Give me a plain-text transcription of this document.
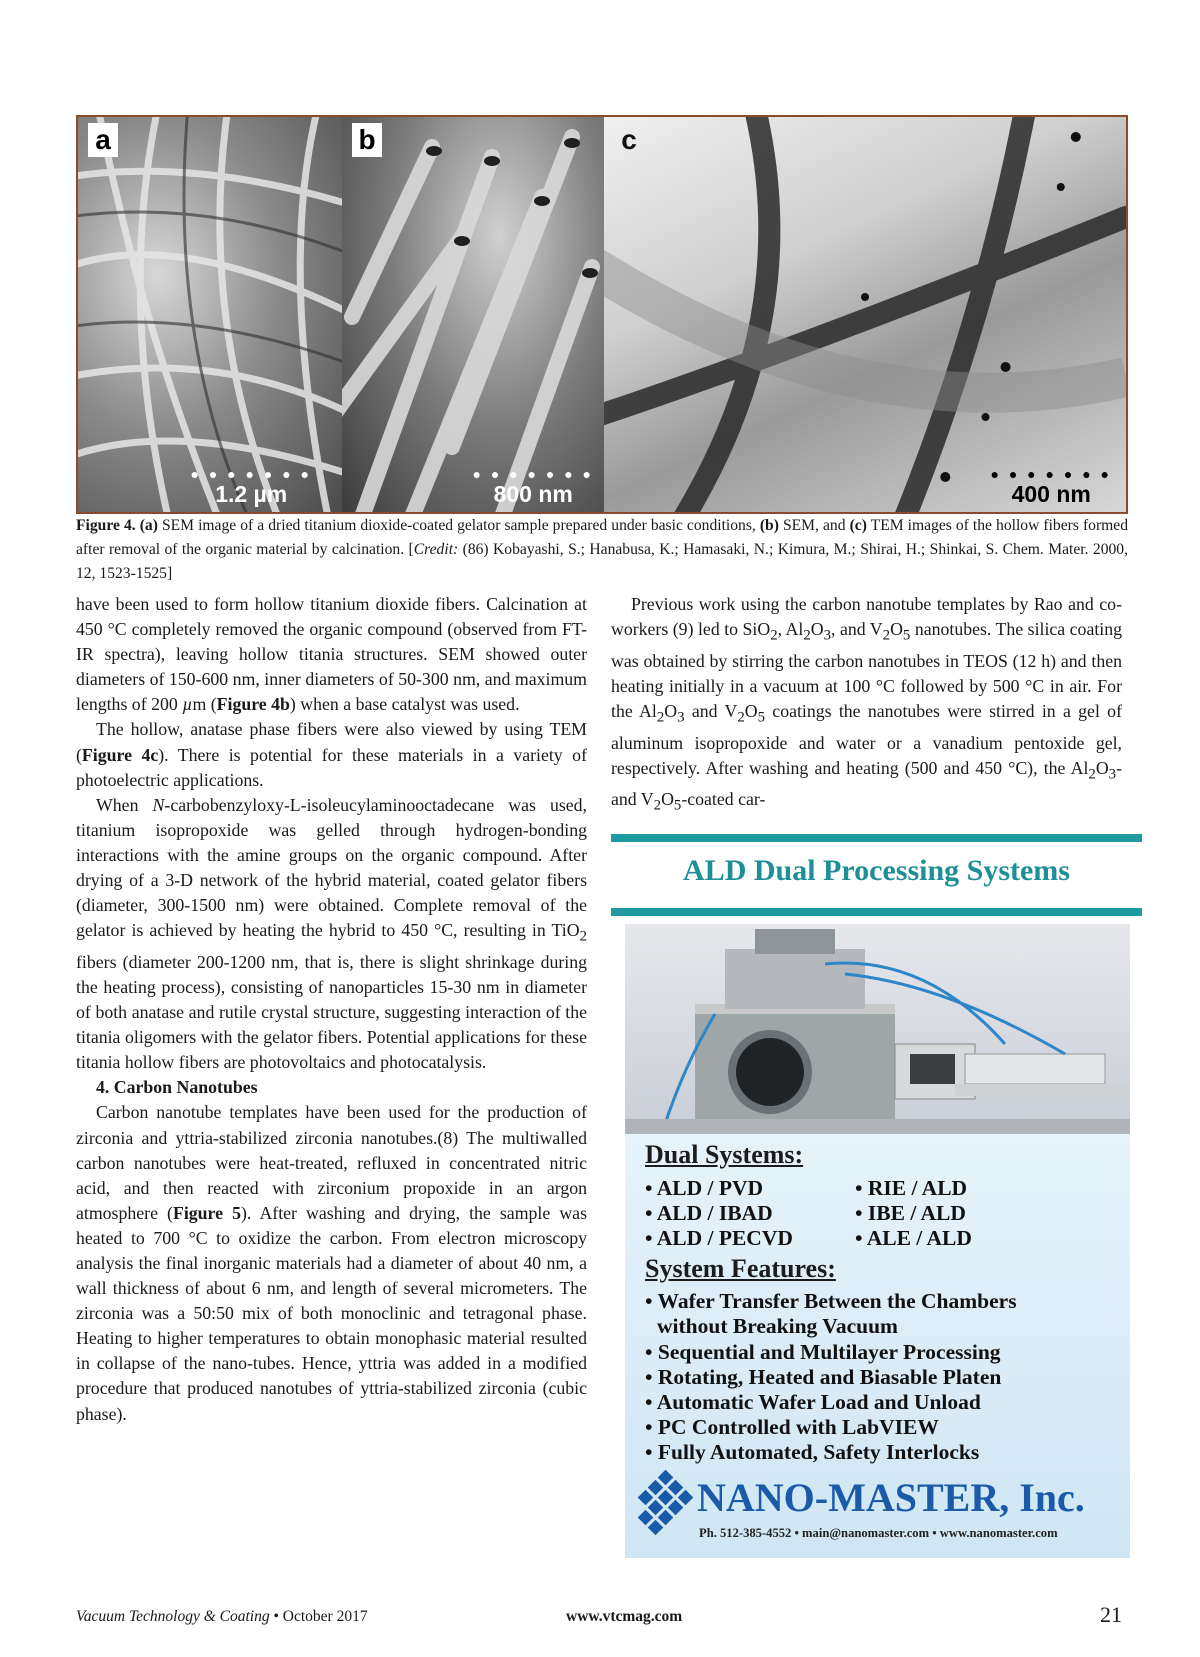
a
● ● ● ● ● ● ●
1.2 µm
b
● ● ● ● ● ● ●
800 nm
c
● ● ● ● ● ● ●
400 nm
Figure 4. (a) SEM image of a dried titanium dioxide-coated gelator sample prepared under basic conditions, (b) SEM, and (c) TEM images of the hollow fibers formed after removal of the organic material by calcination. [Credit: (86) Kobayashi, S.; Hanabusa, K.; Hamasaki, N.; Kimura, M.; Shirai, H.; Shinkai, S. Chem. Mater. 2000, 12, 1523-1525]

have been used to form hollow titanium dioxide fibers. Calcination at 450 °C completely removed the organic compound (observed from FT-IR spectra), leaving hollow titania structures. SEM showed outer diameters of 150-600 nm, inner diameters of 50-300 nm, and maximum lengths of 200 µm (Figure 4b) when a base catalyst was used.

The hollow, anatase phase fibers were also viewed by using TEM (Figure 4c). There is potential for these materials in a variety of photoelectric applications.

When N-carbobenzyloxy-L-isoleucylaminooctadecane was used, titanium isopropoxide was gelled through hydrogen-bonding interactions with the amine groups on the organic compound. After drying of a 3-D network of the hybrid material, coated gelator fibers (diameter, 300-1500 nm) were obtained. Complete removal of the gelator is achieved by heating the hybrid to 450 °C, resulting in TiO$_2$ fibers (diameter 200-1200 nm, that is, there is slight shrinkage during the heating process), consisting of nanoparticles 15-30 nm in diameter of both anatase and rutile crystal structure, suggesting interaction of the titania oligomers with the gelator fibers. Potential applications for these titania hollow fibers are photovoltaics and photocatalysis.

4. Carbon Nanotubes

Carbon nanotube templates have been used for the production of zirconia and yttria-stabilized zirconia nanotubes.(8) The multiwalled carbon nanotubes were heat-treated, refluxed in concentrated nitric acid, and then reacted with zirconium propoxide in an argon atmosphere (Figure 5). After washing and drying, the sample was heated to 700 °C to oxidize the carbon. From electron microscopy analysis the final inorganic materials had a diameter of about 40 nm, a wall thickness of about 6 nm, and length of several micrometers. The zirconia was a 50:50 mix of both monoclinic and tetragonal phase. Heating to higher temperatures to obtain monophasic material resulted in collapse of the nano-tubes. Hence, yttria was added in a modified procedure that produced nanotubes of yttria-stabilized zirconia (cubic phase).

Previous work using the carbon nanotube templates by Rao and co-workers (9) led to SiO$_2$, $Al_2O_3$, and $V_2O_5$ nanotubes. The silica coating was obtained by stirring the carbon nanotubes in TEOS (12 h) and then heating initially in a vacuum at 100 °C followed by 500 °C in air. For the $Al_2O_3$ and $V_2O_5$ coatings the nanotubes were stirred in a gel of aluminum isopropoxide and water or a vanadium pentoxide gel, respectively. After washing and heating (500 and 450 °C), the $Al_2O_3-$ and $V_2O_5$-coated car-

ALD Dual Processing Systems
Dual Systems:
• ALD / PVD
• ALD / IBAD
• ALD / PECVD
• RIE / ALD
• IBE / ALD
• ALE / ALD
System Features:
• Wafer Transfer Between the Chambers
without Breaking Vacuum
• Sequential and Multilayer Processing
• Rotating, Heated and Biasable Platen
• Automatic Wafer Load and Unload
• PC Controlled with LabVIEW
• Fully Automated, Safety Interlocks
NANO-MASTER, Inc.
Ph. 512-385-4552 • main@nanomaster.com • www.nanomaster.com
Vacuum Technology & Coating • October 2017	www.vtcmag.com	21
